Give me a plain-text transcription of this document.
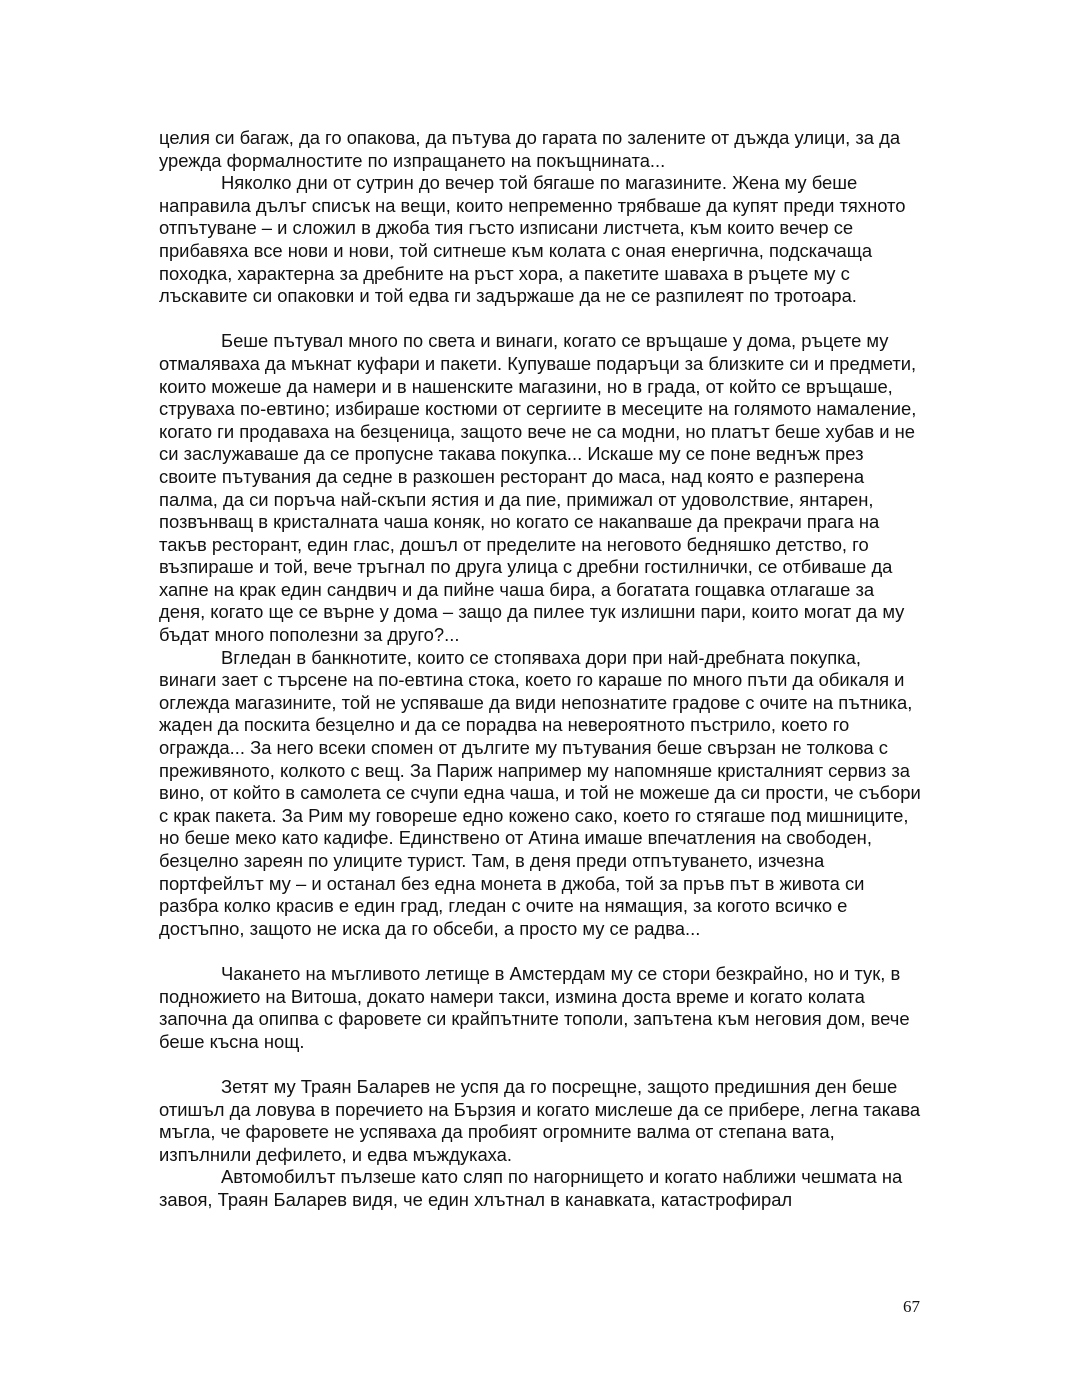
целия си багаж, да го опакова, да пътува до гарата по залените от дъжда улици, за да урежда формалностите по изпращането на покъщнината...

Няколко дни от сутрин до вечер той бягаше по магазините. Жена му беше направила дълъг списък на вещи, които непременно трябваше да купят преди тяхното отпътуване – и сложил в джоба тия гъсто изписани листчета, към които вечер се прибавяха все нови и нови, той ситнеше към колата с оная енергична, подскачаща походка, характерна за дребните на ръст хора, а пакетите шаваха в ръцете му с лъскавите си опаковки и той едва ги задържаше да не се разпилеят по тротоара.

Беше пътувал много по света и винаги, когато се връщаше у дома, ръцете му отмаляваха да мъкнат куфари и пакети. Купуваше подаръци за близките си и предмети, които можеше да намери и в нашенските магазини, но в града, от който се връщаше, струваха по-евтино; избираше костюми от сергиите в месеците на голямото намаление, когато ги продаваха на безценица, защото вече не са модни, но платът беше хубав и не си заслужаваше да се пропусне такава покупка... Искаше му се поне веднъж през своите пътувания да седне в разкошен ресторант до маса, над която е разперена палма, да си поръча най-скъпи ястия и да пие, примижал от удоволствие, янтарен, позвънващ в кристалната чаша коняк, но когато се накanваше да прекрачи прага на такъв ресторант, един глас, дошъл от пределите на неговото бедняшко детство, го възпираше и той, вече тръгнал по друга улица с дребни гостилнички, се отбиваше да хапне на крак един сандвич и да пийне чаша бира, а богатата гощавка отлагаше за деня, когато ще се върне у дома – защо да пилее тук излишни пари, които могат да му бъдат много пополезни за друго?...

Вгледан в банкнотите, които се стопяваха дори при най-дребната покупка, винаги зает с търсене на по-евтина стока, което го караше по много пъти да обикаля и оглежда магазините, той не успяваше да види непознатите градове с очите на пътника, жаден да поскита безцелно и да се порадва на невероятното пъстрило, което го огражда... За него всеки спомен от дългите му пътувания беше свързан не толкова с преживяното, колкото с вещ. За Париж например му напомняше кристалният сервиз за вино, от който в самолета се счупи една чаша, и той не можеше да си прости, че събори с крак пакета. За Рим му говореше едно кожено сако, което го стягаше под мишниците, но беше меко като кадифе. Единствено от Атина имаше впечатления на свободен, безцелно зареян по улиците турист. Там, в деня преди отпътуването, изчезна портфейлът му – и останал без една монета в джоба, той за пръв път в живота си разбра колко красив е един град, гледан с очите на нямащия, за когото всичко е достъпно, защото не иска да го обсеби, а просто му се радва...

Чакането на мъгливото летище в Амстердам му се стори безкрайно, но и тук, в подножието на Витоша, докато намери такси, измина доста време и когато колата започна да опипва с фаровете си крайпътните тополи, запътена към неговия дом, вече беше късна нощ.

Зетят му Траян Баларев не успя да го посрещне, защото предишния ден беше отишъл да ловува в поречието на Бързия и когато мислеше да се прибере, легна такава мъгла, че фаровете не успяваха да пробият огромните валма от степана вата, изпълнили дефилето, и едва мъждукаха.

Автомобилът пълзеше като сляп по нагорнището и когато наближи чешмата на завоя, Траян Баларев видя, че един хлътнал в канавката, катастрофирал

67
